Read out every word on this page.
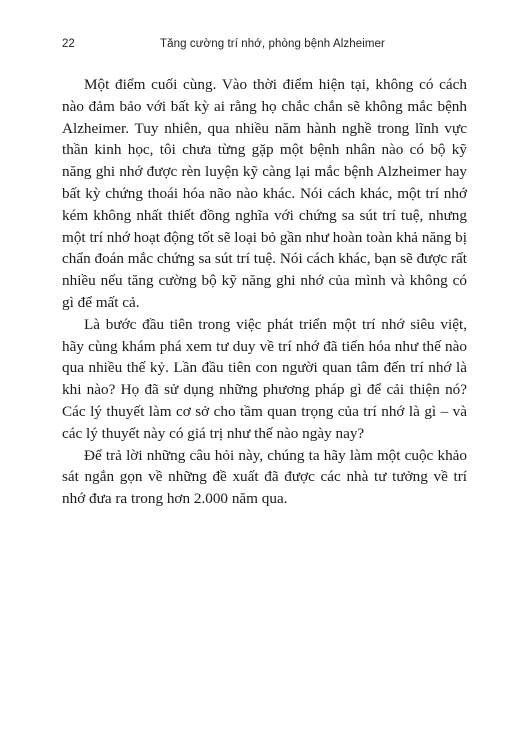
22	Tăng cường trí nhớ, phòng bệnh Alzheimer

Một điểm cuối cùng. Vào thời điểm hiện tại, không có cách nào đảm bảo với bất kỳ ai rằng họ chắc chắn sẽ không mắc bệnh Alzheimer. Tuy nhiên, qua nhiều năm hành nghề trong lĩnh vực thần kinh học, tôi chưa từng gặp một bệnh nhân nào có bộ kỹ năng ghi nhớ được rèn luyện kỹ càng lại mắc bệnh Alzheimer hay bất kỳ chứng thoái hóa não nào khác. Nói cách khác, một trí nhớ kém không nhất thiết đồng nghĩa với chứng sa sút trí tuệ, nhưng một trí nhớ hoạt động tốt sẽ loại bỏ gần như hoàn toàn khả năng bị chẩn đoán mắc chứng sa sút trí tuệ. Nói cách khác, bạn sẽ được rất nhiều nếu tăng cường bộ kỹ năng ghi nhớ của mình và không có gì để mất cả.

Là bước đầu tiên trong việc phát triển một trí nhớ siêu việt, hãy cùng khám phá xem tư duy về trí nhớ đã tiến hóa như thế nào qua nhiều thế kỷ. Lần đầu tiên con người quan tâm đến trí nhớ là khi nào? Họ đã sử dụng những phương pháp gì để cải thiện nó? Các lý thuyết làm cơ sở cho tầm quan trọng của trí nhớ là gì – và các lý thuyết này có giá trị như thế nào ngày nay?

Để trả lời những câu hỏi này, chúng ta hãy làm một cuộc khảo sát ngắn gọn về những đề xuất đã được các nhà tư tưởng về trí nhớ đưa ra trong hơn 2.000 năm qua.
